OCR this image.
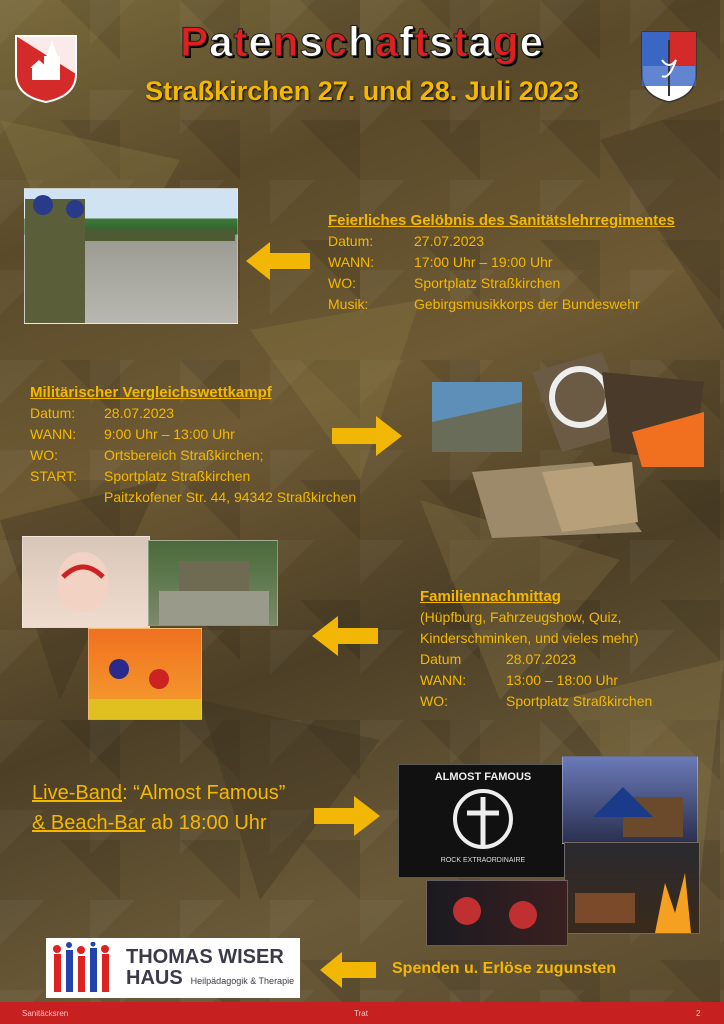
Patenschaftstage
Straßkirchen 27. und 28. Juli 2023
Feierliches Gelöbnis des Sanitätslehrregimentes
Datum:	27.07.2023
WANN:	17:00 Uhr – 19:00 Uhr
WO:	Sportplatz Straßkirchen
Musik:	Gebirgsmusikkorps der Bundeswehr
Militärischer Vergleichswettkampf
Datum:	28.07.2023
WANN:	9:00 Uhr – 13:00 Uhr
WO:	Ortsbereich Straßkirchen;
START:	Sportplatz Straßkirchen
Paitzkofener Str. 44, 94342 Straßkirchen
Familiennachmittag
(Hüpfburg, Fahrzeugshow, Quiz,
Kinderschminken, und vieles mehr)
Datum	28.07.2023
WANN:	13:00 – 18:00 Uhr
WO:	Sportplatz Straßkirchen
Live-Band: “Almost Famous”
& Beach-Bar ab 18:00 Uhr
ALMOST FAMOUS
ROCK EXTRAORDINAIRE
THOMAS WISER
HAUS Heilpädagogik & Therapie
Spenden u. Erlöse zugunsten
Sanitäcksren	Trat	2
